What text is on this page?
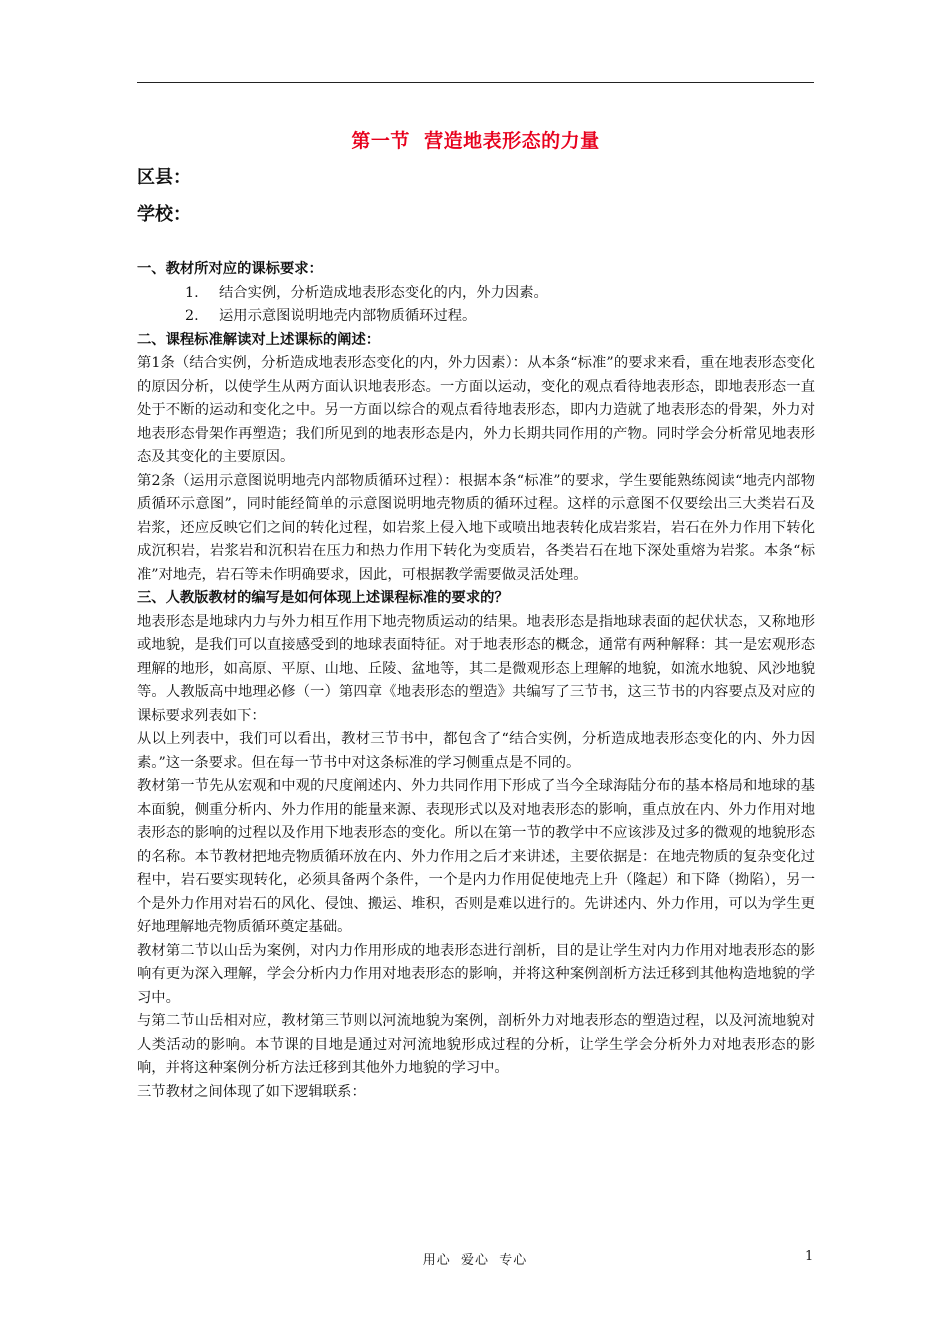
第一节  营造地表形态的力量
区县：
学校：
一、教材所对应的课标要求：
1. 结合实例，分析造成地表形态变化的内，外力因素。
2. 运用示意图说明地壳内部物质循环过程。
二、课程标准解读对上述课标的阐述：

第1条（结合实例，分析造成地表形态变化的内，外力因素）：从本条“标准”的要求来看，重在地表形态变化的原因分析，以使学生从两方面认识地表形态。一方面以运动，变化的观点看待地表形态，即地表形态一直处于不断的运动和变化之中。另一方面以综合的观点看待地表形态，即内力造就了地表形态的骨架，外力对地表形态骨架作再塑造；我们所见到的地表形态是内，外力长期共同作用的产物。同时学会分析常见地表形态及其变化的主要原因。

第2条（运用示意图说明地壳内部物质循环过程）：根据本条“标准”的要求，学生要能熟练阅读“地壳内部物质循环示意图”，同时能经简单的示意图说明地壳物质的循环过程。这样的示意图不仅要绘出三大类岩石及岩浆，还应反映它们之间的转化过程，如岩浆上侵入地下或喷出地表转化成岩浆岩，岩石在外力作用下转化成沉积岩，岩浆岩和沉积岩在压力和热力作用下转化为变质岩，各类岩石在地下深处重熔为岩浆。本条“标准”对地壳，岩石等未作明确要求，因此，可根据教学需要做灵活处理。

三、人教版教材的编写是如何体现上述课程标准的要求的？

地表形态是地球内力与外力相互作用下地壳物质运动的结果。地表形态是指地球表面的起伏状态，又称地形或地貌，是我们可以直接感受到的地球表面特征。对于地表形态的概念，通常有两种解释：其一是宏观形态理解的地形，如高原、平原、山地、丘陵、盆地等，其二是微观形态上理解的地貌，如流水地貌、风沙地貌等。人教版高中地理必修（一）第四章《地表形态的塑造》共编写了三节书，这三节书的内容要点及对应的课标要求列表如下：

从以上列表中，我们可以看出，教材三节书中，都包含了“结合实例，分析造成地表形态变化的内、外力因素。”这一条要求。但在每一节书中对这条标准的学习侧重点是不同的。

教材第一节先从宏观和中观的尺度阐述内、外力共同作用下形成了当今全球海陆分布的基本格局和地球的基本面貌，侧重分析内、外力作用的能量来源、表现形式以及对地表形态的影响，重点放在内、外力作用对地表形态的影响的过程以及作用下地表形态的变化。所以在第一节的教学中不应该涉及过多的微观的地貌形态的名称。本节教材把地壳物质循环放在内、外力作用之后才来讲述，主要依据是：在地壳物质的复杂变化过程中，岩石要实现转化，必须具备两个条件，一个是内力作用促使地壳上升（隆起）和下降（拗陷），另一个是外力作用对岩石的风化、侵蚀、搬运、堆积，否则是难以进行的。先讲述内、外力作用，可以为学生更好地理解地壳物质循环奠定基础。

教材第二节以山岳为案例，对内力作用形成的地表形态进行剖析，目的是让学生对内力作用对地表形态的影响有更为深入理解，学会分析内力作用对地表形态的影响，并将这种案例剖析方法迁移到其他构造地貌的学习中。

与第二节山岳相对应，教材第三节则以河流地貌为案例，剖析外力对地表形态的塑造过程，以及河流地貌对人类活动的影响。本节课的目地是通过对河流地貌形成过程的分析，让学生学会分析外力对地表形态的影响，并将这种案例分析方法迁移到其他外力地貌的学习中。

三节教材之间体现了如下逻辑联系：

用心  爱心  专心	1
